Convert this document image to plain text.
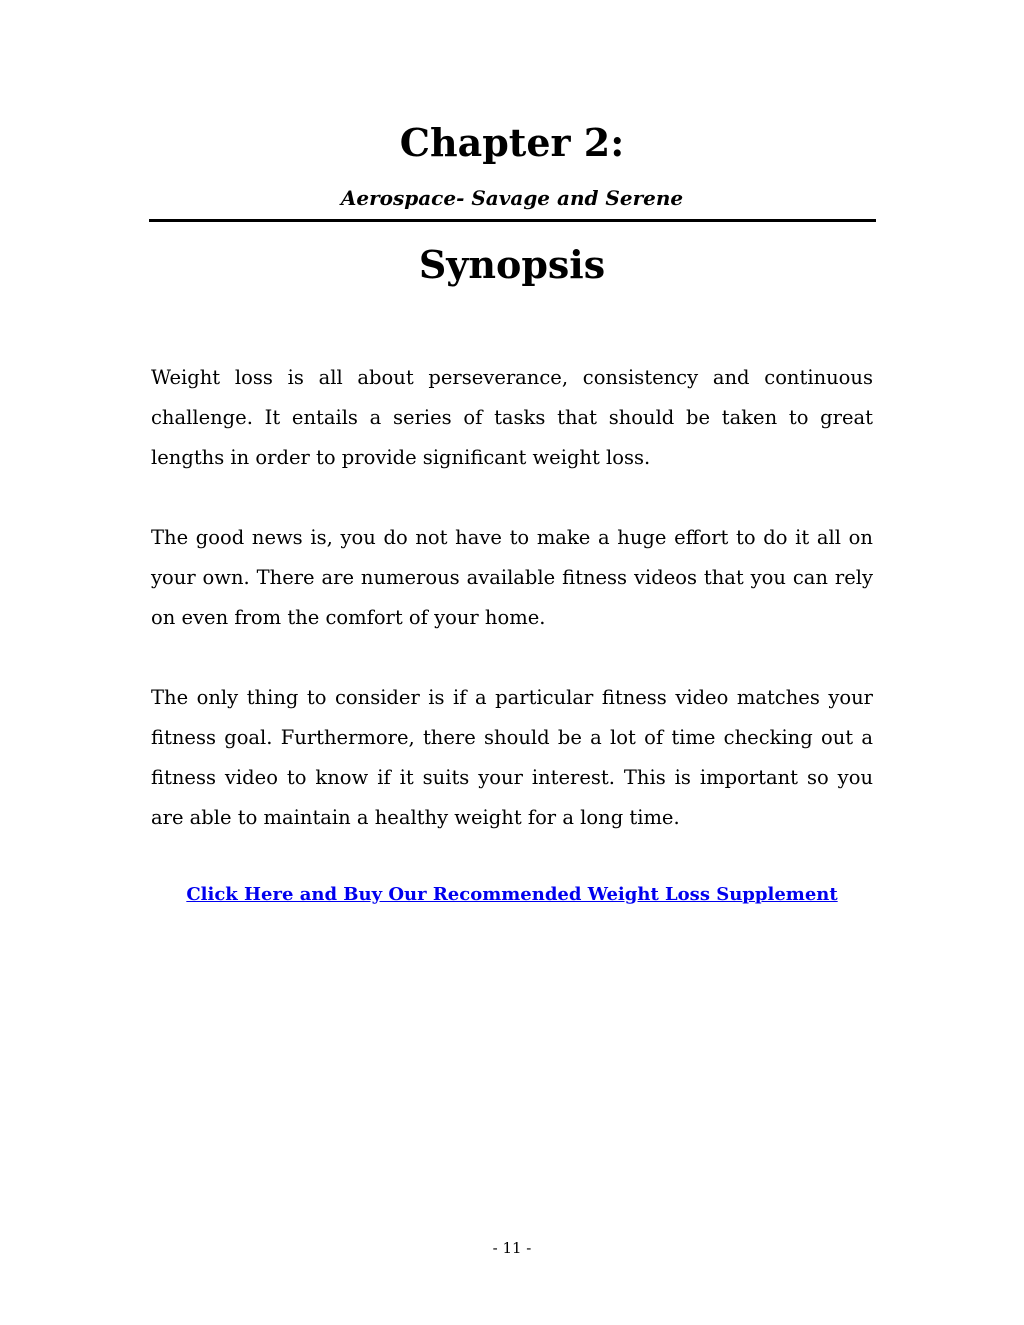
Chapter 2:
Aerospace- Savage and Serene
Synopsis

Weight loss is all about perseverance, consistency and continuous challenge. It entails a series of tasks that should be taken to great lengths in order to provide significant weight loss.

The good news is, you do not have to make a huge effort to do it all on your own. There are numerous available fitness videos that you can rely on even from the comfort of your home.

The only thing to consider is if a particular fitness video matches your fitness goal. Furthermore, there should be a lot of time checking out a fitness video to know if it suits your interest. This is important so you are able to maintain a healthy weight for a long time.

Click Here and Buy Our Recommended Weight Loss Supplement
- 11 -
